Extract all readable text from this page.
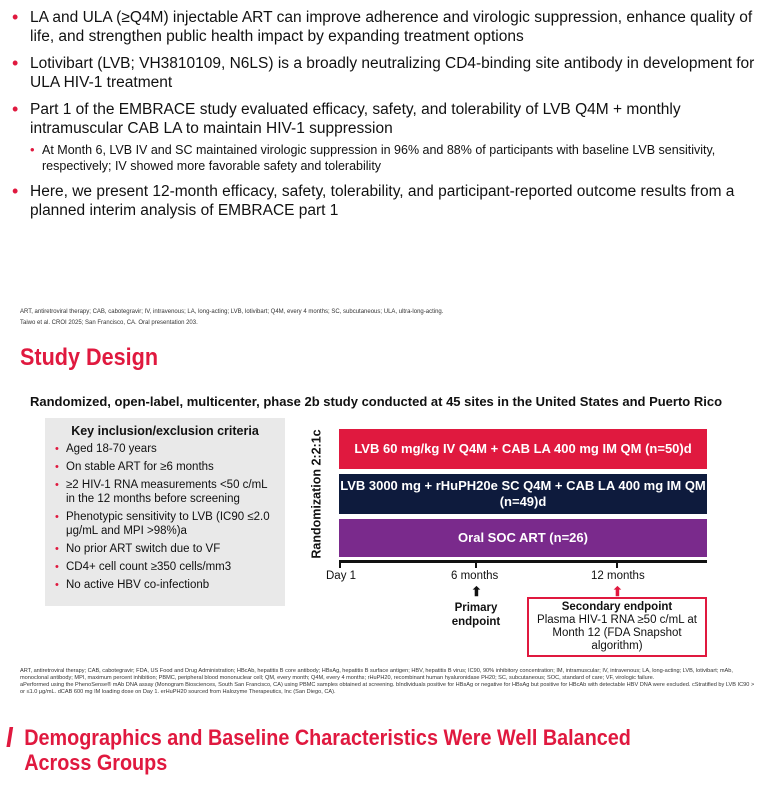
• LA and ULA (≥Q4M) injectable ART can improve adherence and virologic suppression, enhance quality of life, and strengthen public health impact by expanding treatment options
• Lotivibart (LVB; VH3810109, N6LS) is a broadly neutralizing CD4-binding site antibody in development for ULA HIV-1 treatment
• Part 1 of the EMBRACE study evaluated efficacy, safety, and tolerability of LVB Q4M + monthly intramuscular CAB LA to maintain HIV-1 suppression
• At Month 6, LVB IV and SC maintained virologic suppression in 96% and 88% of participants with baseline LVB sensitivity, respectively; IV showed more favorable safety and tolerability
• Here, we present 12-month efficacy, safety, tolerability, and participant-reported outcome results from a planned interim analysis of EMBRACE part 1
ART, antiretroviral therapy; CAB, cabotegravir; IV, intravenous; LA, long-acting; LVB, lotivibart; Q4M, every 4 months; SC, subcutaneous; ULA, ultra-long-acting.
Taiwo et al. CROI 2025; San Francisco, CA. Oral presentation 203.
Study Design
Randomized, open-label, multicenter, phase 2b study conducted at 45 sites in the United States and Puerto Rico
Key inclusion/exclusion criteria
• Aged 18-70 years
• On stable ART for ≥6 months
• ≥2 HIV-1 RNA measurements <50 c/mL in the 12 months before screening
• Phenotypic sensitivity to LVB (IC90 ≤2.0 μg/mL and MPI >98%)a
• No prior ART switch due to VF
• CD4+ cell count ≥350 cells/mm3
• No active HBV co-infectionb
Randomization 2:2:1c	LVB 60 mg/kg IV Q4M + CAB LA 400 mg IM QM (n=50)d
LVB 3000 mg + rHuPH20e SC Q4M + CAB LA 400 mg IM QM (n=49)d
Oral SOC ART (n=26)
Day 1	6 months	12 months
⬆	⬆
Primary endpoint
Secondary endpoint
Plasma HIV-1 RNA ≥50 c/mL at Month 12 (FDA Snapshot algorithm)
ART, antiretroviral therapy; CAB, cabotegravir; FDA, US Food and Drug Administration; HBcAb, hepatitis B core antibody; HBsAg, hepatitis B surface antigen; HBV, hepatitis B virus; IC90, 90% inhibitory concentration; IM, intramuscular; IV, intravenous; LA, long-acting; LVB, lotivibart; mAb, monoclonal antibody; MPI, maximum percent inhibition; PBMC, peripheral blood mononuclear cell; QM, every month; Q4M, every 4 months; rHuPH20, recombinant human hyaluronidase PH20; SC, subcutaneous; SOC, standard of care; VF, virologic failure.
aPerformed using the PhenoSense® mAb DNA assay (Monogram Biosciences, South San Francisco, CA) using PBMC samples obtained at screening. bIndividuals positive for HBsAg or negative for HBsAg but positive for HBcAb with detectable HBV DNA were excluded. cStratified by LVB IC90 > or ≤1.0 μg/mL. dCAB 600 mg IM loading dose on Day 1. erHuPH20 sourced from Halozyme Therapeutics, Inc (San Diego, CA).
Demographics and Baseline Characteristics Were Well Balanced Across Groups
